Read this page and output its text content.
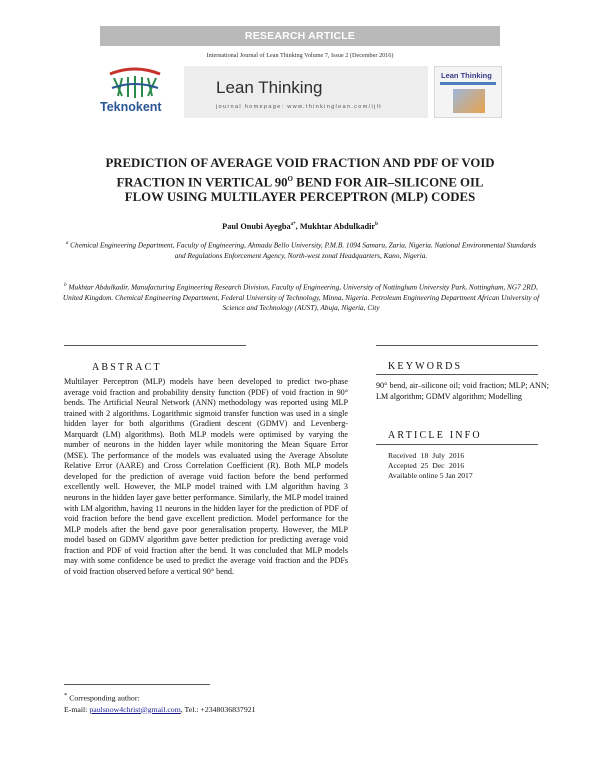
RESEARCH ARTICLE
International Journal of Lean Thinking Volume 7, Issue 2 (December 2016)
Teknokent
Lean Thinking
journal homepage: www.thinkinglean.com/ijlt
Lean Thinking
PREDICTION OF AVERAGE VOID FRACTION AND PDF OF VOID
FRACTION IN VERTICAL $90^O$ BEND FOR AIR–SILICONE OIL
FLOW USING MULTILAYER PERCEPTRON (MLP) CODES
Paul Onubi Ayegba$^{a*}$, Mukhtar Abdulkadir$^b$
$^a$ Chemical Engineering Department, Faculty of Engineering, Ahmadu Bello University, P.M.B. 1094 Samaru, Zaria, Nigeria. National Environmental Standards and Regulations Enforcement Agency, North-west zonal Headquarters, Kano, Nigeria.
$^b$ Mukhtar Abdulkadir, Manufacturing Engineering Research Division, Faculty of Engineering, University of Nottingham University Park, Nottingham, NG7 2RD, United Kingdom. Chemical Engineering Department, Federal University of Technology, Minna, Nigeria. Petroleum Engineering Department African University of Science and Technology (AUST), Abuja, Nigeria, City
ABSTRACT
Multilayer Perceptron (MLP) models have been developed to predict two-phase average void fraction and probability density function (PDF) of void fraction in 90° bends. The Artificial Neural Network (ANN) methodology was reported using MLP trained with 2 algorithms. Logarithmic sigmoid transfer function was used in a single hidden layer for both algorithms (Gradient descent (GDMV) and Levenberg-Marquardt (LM) algorithms). Both MLP models were optimised by varying the number of neurons in the hidden layer while monitoring the Mean Square Error (MSE). The performance of the models was evaluated using the Average Absolute Relative Error (AARE) and Cross Correlation Coefficient (R). Both MLP models developed for the prediction of average void faction before the bend performed excellently well. However, the MLP model trained with LM algorithm having 3 neurons in the hidden layer gave better performance. Similarly, the MLP model trained with LM algorithm, having 11 neurons in the hidden layer for the prediction of PDF of void fraction before the bend gave excellent prediction. Model performance for the MLP models after the bend gave poor generalisation property. However, the MLP model based on GDMV algorithm gave better prediction for predicting average void fraction and PDF of void fraction after the bend. It was concluded that MLP models may with some confidence be used to predict the average void fraction and the PDFs of void fraction observed before a vertical 90° bend.
KEYWORDS
90° bend, air–silicone oil; void fraction; MLP; ANN; LM algorithm; GDMV algorithm; Modelling
ARTICLE INFO
Received	18	July	2016
Accepted	25	Dec	2016
Available online 5 Jan 2017
* Corresponding author:
E-mail: paulsnow4christ@gmail.com, Tel.: +2348036837921
